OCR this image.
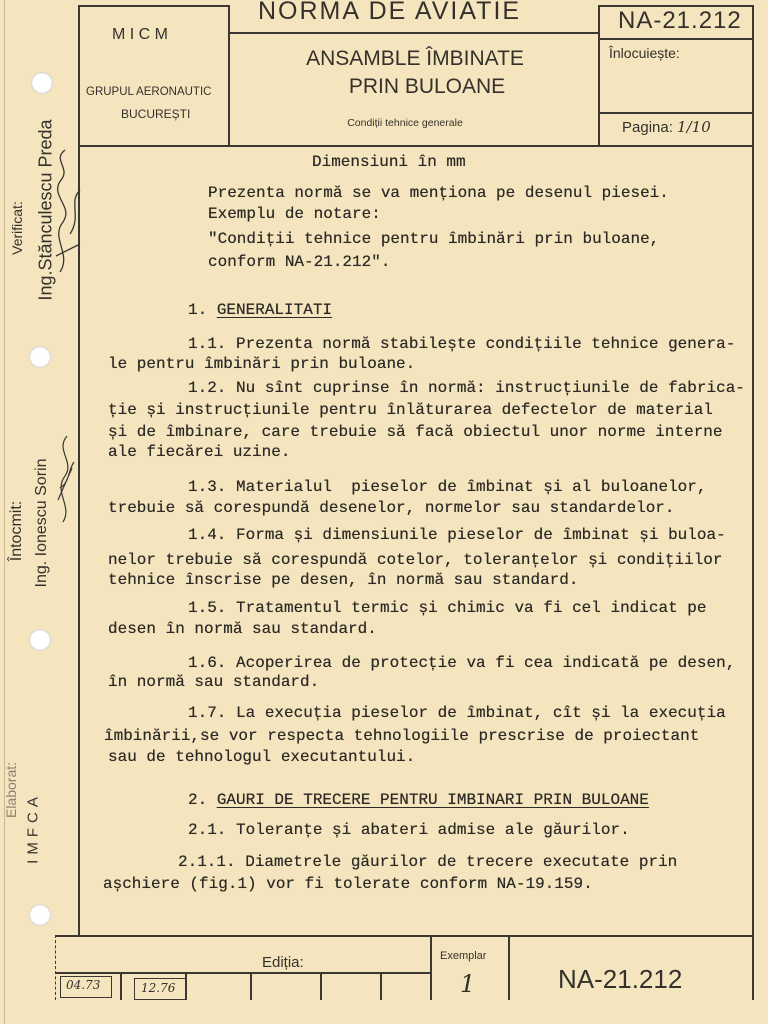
NORMA DE AVIATIE	NA-21.212
M I C M
GRUPUL AERONAUTIC
BUCUREȘTI
ANSAMBLE ÎMBINATE
PRIN BULOANE
Condiții tehnice generale
Înlocuiește:
Pagina: 1/10
Verificat: Ing.Stănculescu Preda
Întocmit: Ing. Ionescu Sorin
Elaborat:
IMFCA
Dimensiuni în mm
Prezenta normă se va menționa pe desenul piesei.
Exemplu de notare:
"Condiții tehnice pentru îmbinări prin buloane,
conform NA-21.212".
1. GENERALITATI
1.1. Prezenta normă stabilește condițiile tehnice genera-
le pentru îmbinări prin buloane.
1.2. Nu sînt cuprinse în normă: instrucțiunile de fabrica-
ție și instrucțiunile pentru înlăturarea defectelor de material
și de îmbinare, care trebuie să facă obiectul unor norme interne
ale fiecărei uzine.
1.3. Materialul  pieselor de îmbinat și al buloanelor,
trebuie să corespundă desenelor, normelor sau standardelor.
1.4. Forma și dimensiunile pieselor de îmbinat și buloa-
nelor trebuie să corespundă cotelor, toleranțelor și condițiilor
tehnice înscrise pe desen, în normă sau standard.
1.5. Tratamentul termic și chimic va fi cel indicat pe
desen în normă sau standard.
1.6. Acoperirea de protecție va fi cea indicată pe desen,
în normă sau standard.
1.7. La execuția pieselor de îmbinat, cît și la execuția
îmbinării,se vor respecta tehnologiile prescrise de proiectant
sau de tehnologul executantului.
2. GAURI DE TRECERE PENTRU IMBINARI PRIN BULOANE
2.1. Toleranțe și abateri admise ale găurilor.
2.1.1. Diametrele găurilor de trecere executate prin
așchiere (fig.1) vor fi tolerate conform NA-19.159.
Ediția:
04.73	12.76
Exemplar
1	NA-21.212
